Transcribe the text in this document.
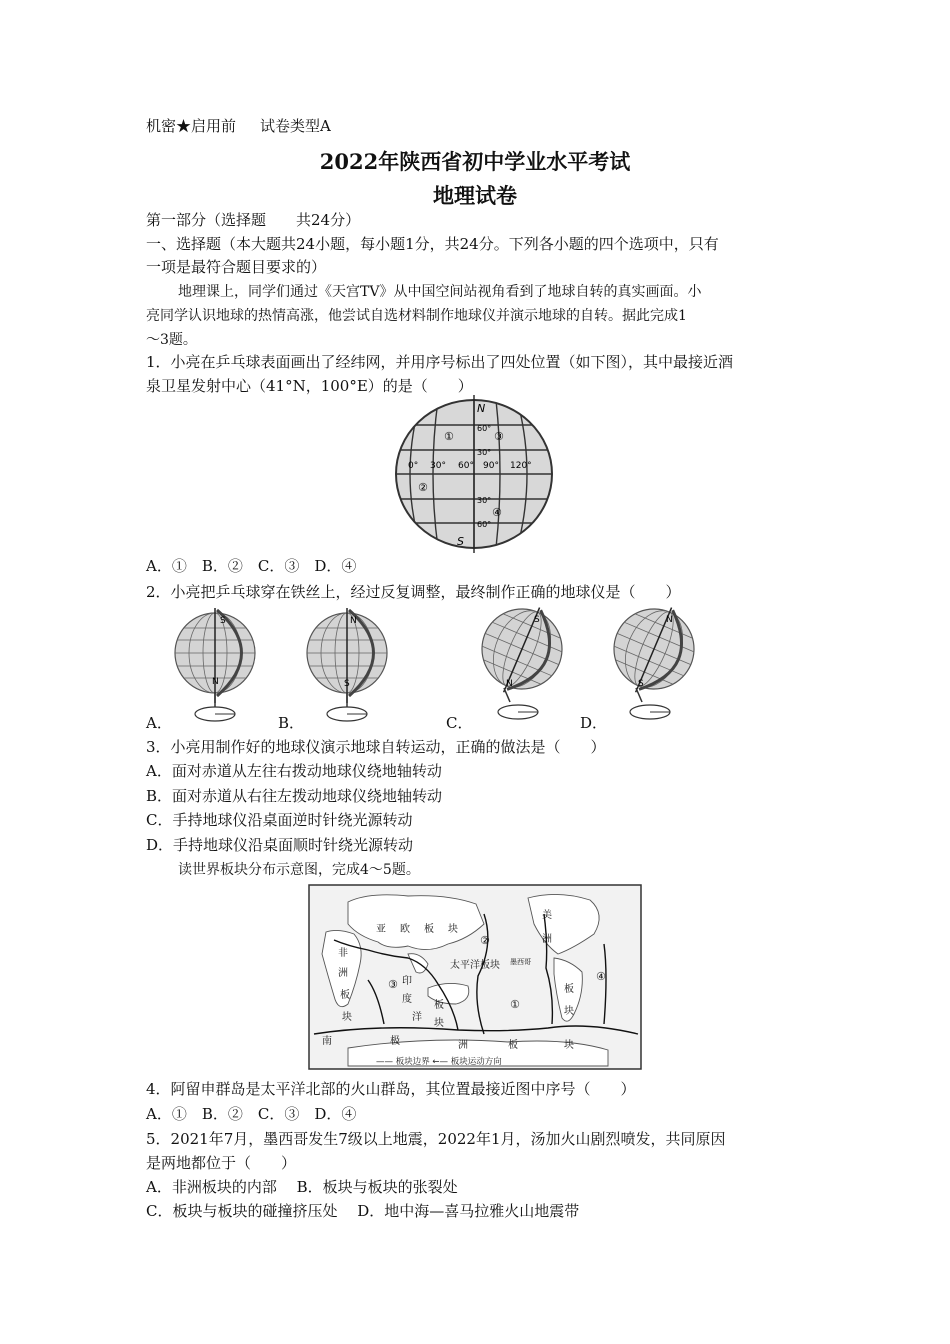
机密★启用前 试卷类型A
2022年陕西省初中学业水平考试
地理试卷
第一部分（选择题　　共24分）
一、选择题（本大题共24小题，每小题1分，共24分。下列各小题的四个选项中，只有
一项是最符合题目要求的）
地理课上，同学们通过《天宫TV》从中国空间站视角看到了地球自转的真实画面。小
亮同学认识地球的热情高涨，他尝试自选材料制作地球仪并演示地球的自转。据此完成1
～3题。
1．小亮在乒乓球表面画出了经纬网，并用序号标出了四处位置（如下图），其中最接近酒
泉卫星发射中心（41°N，100°E）的是（　　）
N
S
0° 30° 60° 90° 120°
60°
30°
30°
60°
①	③
②
④
A．①　B．②　C．③　D．④
2．小亮把乒乓球穿在铁丝上，经过反复调整，最终制作正确的地球仪是（　　）
S
N
N
S
S
N
N
S
A．	B．	C．	D．
3．小亮用制作好的地球仪演示地球自转运动，正确的做法是（　　）
A．面对赤道从左往右拨动地球仪绕地轴转动
B．面对赤道从右往左拨动地球仪绕地轴转动
C．手持地球仪沿桌面逆时针绕光源转动
D．手持地球仪沿桌面顺时针绕光源转动
读世界板块分布示意图，完成4～5题。
亚 欧 板 块
非
洲
板
块
印
度
洋
板
块
太平洋板块
美
洲
板
块
墨西哥
南	极	洲	板	块
①
②
③
④
—— 板块边界 ←— 板块运动方向
4．阿留申群岛是太平洋北部的火山群岛，其位置最接近图中序号（　　）
A．①　B．②　C．③　D．④
5．2021年7月，墨西哥发生7级以上地震，2022年1月，汤加火山剧烈喷发，共同原因
是两地都位于（　　）
A．非洲板块的内部　 B．板块与板块的张裂处
C．板块与板块的碰撞挤压处　 D．地中海—喜马拉雅火山地震带
